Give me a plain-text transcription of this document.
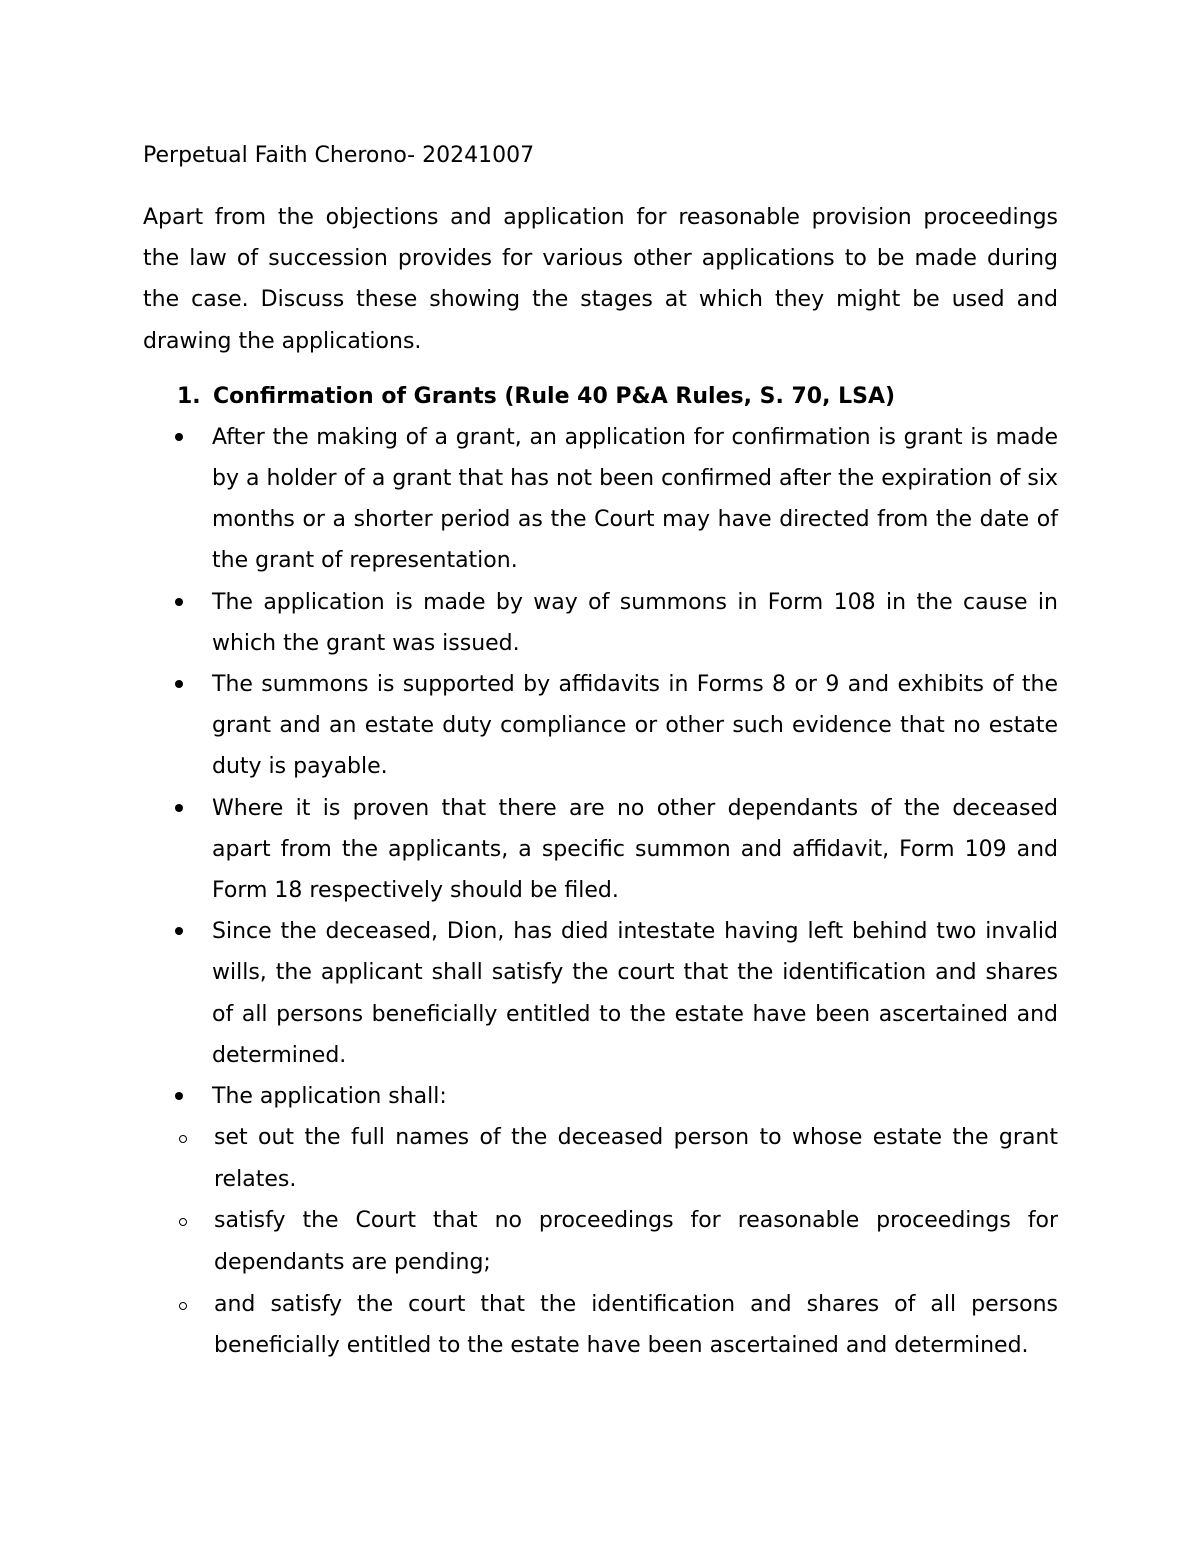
Perpetual Faith Cherono- 20241007

Apart from the objections and application for reasonable provision proceedings the law of succession provides for various other applications to be made during the case. Discuss these showing the stages at which they might be used and drawing the applications.

1. Confirmation of Grants (Rule 40 P&A Rules, S. 70, LSA)
After the making of a grant, an application for confirmation is grant is made by a holder of a grant that has not been confirmed after the expiration of six months or a shorter period as the Court may have directed from the date of the grant of representation.
The application is made by way of summons in Form 108 in the cause in which the grant was issued.
The summons is supported by affidavits in Forms 8 or 9 and exhibits of the grant and an estate duty compliance or other such evidence that no estate duty is payable.
Where it is proven that there are no other dependants of the deceased apart from the applicants, a specific summon and affidavit, Form 109 and Form 18 respectively should be filed.
Since the deceased, Dion, has died intestate having left behind two invalid wills, the applicant shall satisfy the court that the identification and shares of all persons beneficially entitled to the estate have been ascertained and determined.
The application shall:
set out the full names of the deceased person to whose estate the grant relates.
satisfy the Court that no proceedings for reasonable proceedings for dependants are pending;
and satisfy the court that the identification and shares of all persons beneficially entitled to the estate have been ascertained and determined.
